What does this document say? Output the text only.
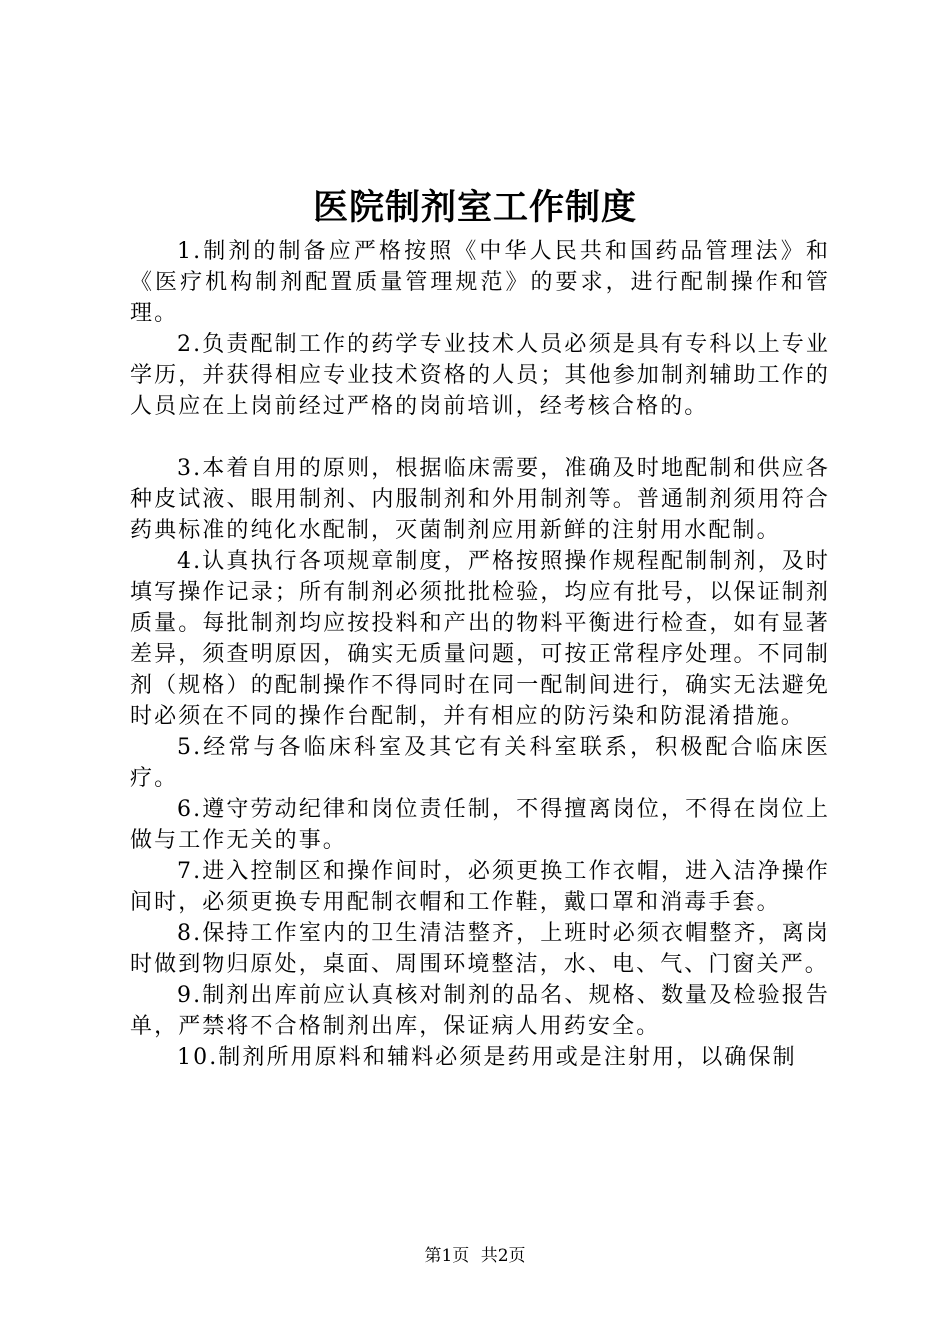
医院制剂室工作制度

1.制剂的制备应严格按照《中华人民共和国药品管理法》和《医疗机构制剂配置质量管理规范》的要求，进行配制操作和管理。

2.负责配制工作的药学专业技术人员必须是具有专科以上专业学历，并获得相应专业技术资格的人员；其他参加制剂辅助工作的人员应在上岗前经过严格的岗前培训，经考核合格的。

3.本着自用的原则，根据临床需要，准确及时地配制和供应各种皮试液、眼用制剂、内服制剂和外用制剂等。普通制剂须用符合药典标准的纯化水配制，灭菌制剂应用新鲜的注射用水配制。

4.认真执行各项规章制度，严格按照操作规程配制制剂，及时填写操作记录；所有制剂必须批批检验，均应有批号，以保证制剂质量。每批制剂均应按投料和产出的物料平衡进行检查，如有显著差异，须查明原因，确实无质量问题，可按正常程序处理。不同制剂（规格）的配制操作不得同时在同一配制间进行，确实无法避免时必须在不同的操作台配制，并有相应的防污染和防混淆措施。

5.经常与各临床科室及其它有关科室联系，积极配合临床医疗。

6.遵守劳动纪律和岗位责任制，不得擅离岗位，不得在岗位上做与工作无关的事。

7.进入控制区和操作间时，必须更换工作衣帽，进入洁净操作间时，必须更换专用配制衣帽和工作鞋，戴口罩和消毒手套。

8.保持工作室内的卫生清洁整齐，上班时必须衣帽整齐，离岗时做到物归原处，桌面、周围环境整洁，水、电、气、门窗关严。

9.制剂出库前应认真核对制剂的品名、规格、数量及检验报告单，严禁将不合格制剂出库，保证病人用药安全。

10.制剂所用原料和辅料必须是药用或是注射用，以确保制

第1页 共2页
